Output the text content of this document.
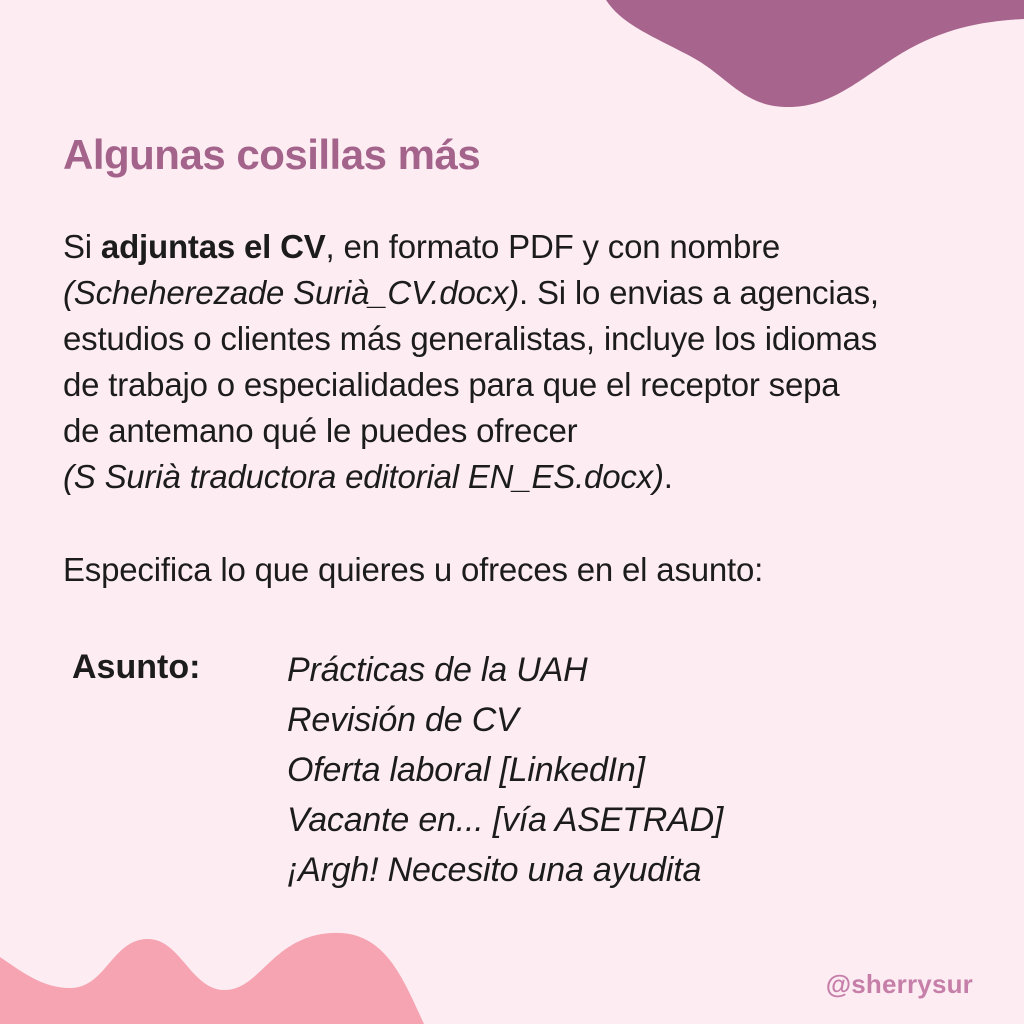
Algunas cosillas más
Si adjuntas el CV, en formato PDF y con nombre
(Scheherezade Surià_CV.docx). Si lo envias a agencias,
estudios o clientes más generalistas, incluye los idiomas
de trabajo o especialidades para que el receptor sepa
de antemano qué le puedes ofrecer
(S Surià traductora editorial EN_ES.docx).
Especifica lo que quieres u ofreces en el asunto:
Asunto:	Prácticas de la UAH
Revisión de CV
Oferta laboral [LinkedIn]
Vacante en... [vía ASETRAD]
¡Argh! Necesito una ayudita
@sherrysur
